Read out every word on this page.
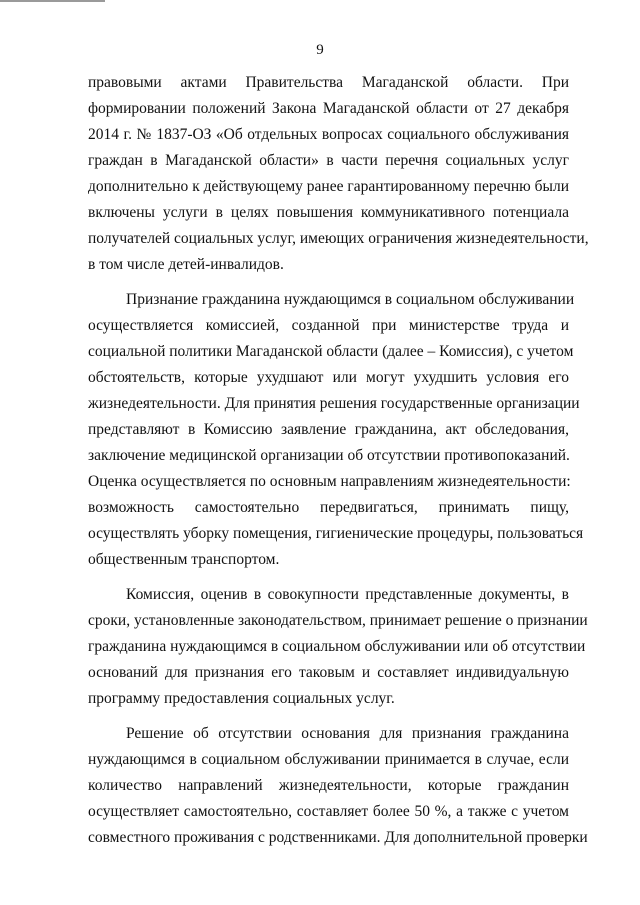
9
правовыми актами Правительства Магаданской области. При
формировании положений Закона Магаданской области от 27 декабря
2014 г. № 1837-ОЗ «Об отдельных вопросах социального обслуживания
граждан в Магаданской области» в части перечня социальных услуг
дополнительно к действующему ранее гарантированному перечню были
включены услуги в целях повышения коммуникативного потенциала
получателей социальных услуг, имеющих ограничения жизнедеятельности,
в том числе детей-инвалидов.
Признание гражданина нуждающимся в социальном обслуживании
осуществляется комиссией, созданной при министерстве труда и
социальной политики Магаданской области (далее – Комиссия), с учетом
обстоятельств, которые ухудшают или могут ухудшить условия его
жизнедеятельности. Для принятия решения государственные организации
представляют в Комиссию заявление гражданина, акт обследования,
заключение медицинской организации об отсутствии противопоказаний.
Оценка осуществляется по основным направлениям жизнедеятельности:
возможность самостоятельно передвигаться, принимать пищу,
осуществлять уборку помещения, гигиенические процедуры, пользоваться
общественным транспортом.
Комиссия, оценив в совокупности представленные документы, в
сроки, установленные законодательством, принимает решение о признании
гражданина нуждающимся в социальном обслуживании или об отсутствии
оснований для признания его таковым и составляет индивидуальную
программу предоставления социальных услуг.
Решение об отсутствии основания для признания гражданина
нуждающимся в социальном обслуживании принимается в случае, если
количество направлений жизнедеятельности, которые гражданин
осуществляет самостоятельно, составляет более 50 %, а также с учетом
совместного проживания с родственниками. Для дополнительной проверки
